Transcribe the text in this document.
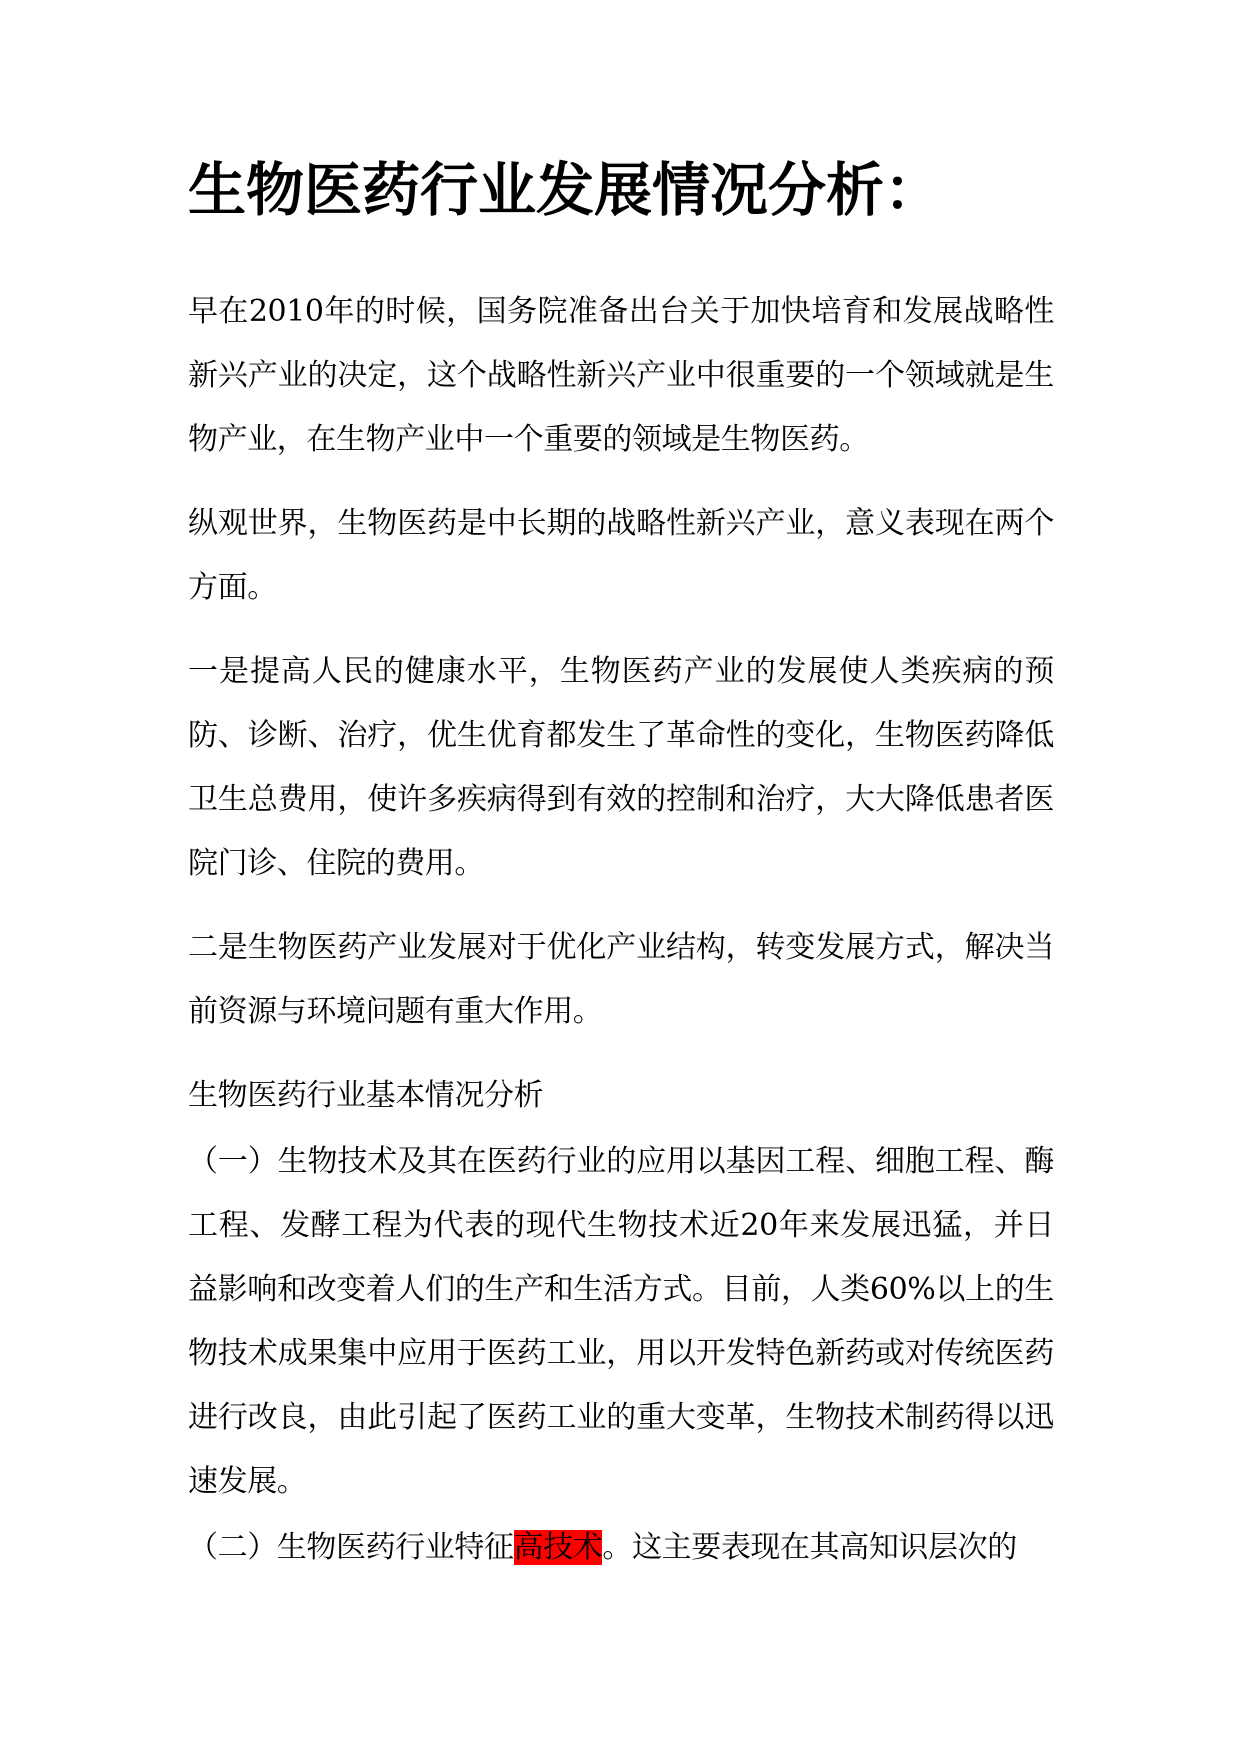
生物医药行业发展情况分析：

早在2010年的时候，国务院准备出台关于加快培育和发展战略性新兴产业的决定，这个战略性新兴产业中很重要的一个领域就是生物产业，在生物产业中一个重要的领域是生物医药。

纵观世界，生物医药是中长期的战略性新兴产业，意义表现在两个方面。

一是提高人民的健康水平，生物医药产业的发展使人类疾病的预防、诊断、治疗，优生优育都发生了革命性的变化，生物医药降低卫生总费用，使许多疾病得到有效的控制和治疗，大大降低患者医院门诊、住院的费用。

二是生物医药产业发展对于优化产业结构，转变发展方式，解决当前资源与环境问题有重大作用。

生物医药行业基本情况分析

（一）生物技术及其在医药行业的应用以基因工程、细胞工程、酶工程、发酵工程为代表的现代生物技术近20年来发展迅猛，并日益影响和改变着人们的生产和生活方式。目前，人类60%以上的生物技术成果集中应用于医药工业，用以开发特色新药或对传统医药进行改良，由此引起了医药工业的重大变革，生物技术制药得以迅速发展。

（二）生物医药行业特征高技术。这主要表现在其高知识层次的
